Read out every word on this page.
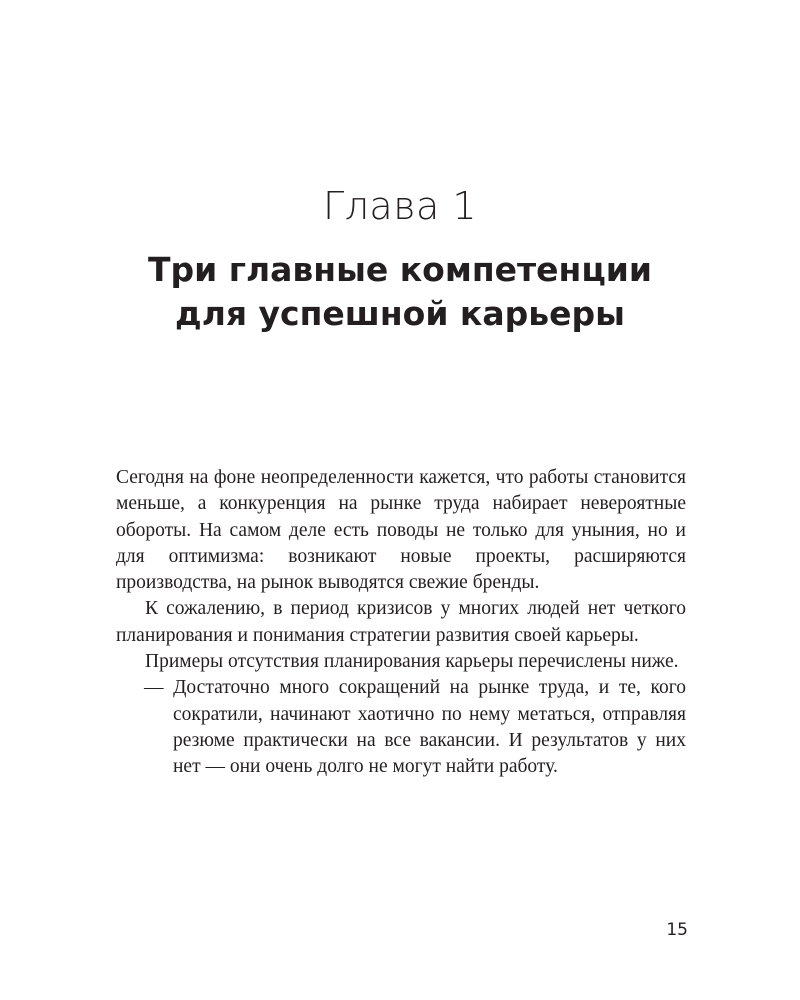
Глава 1
Три главные компетенции
для успешной карьеры

Сегодня на фоне неопределенности кажется, что работы становится меньше, а конкуренция на рынке труда набирает невероятные обороты. На самом деле есть поводы не только для уныния, но и для оптимизма: возникают новые проекты, расширяются производства, на рынок выводятся свежие бренды.

К сожалению, в период кризисов у многих людей нет четкого планирования и понимания стратегии развития своей карьеры.

Примеры отсутствия планирования карьеры перечислены ниже.

— Достаточно много сокращений на рынке труда, и те, кого сократили, начинают хаотично по нему метаться, отправляя резюме практически на все вакансии. И результатов у них нет — они очень долго не могут найти работу.
15
